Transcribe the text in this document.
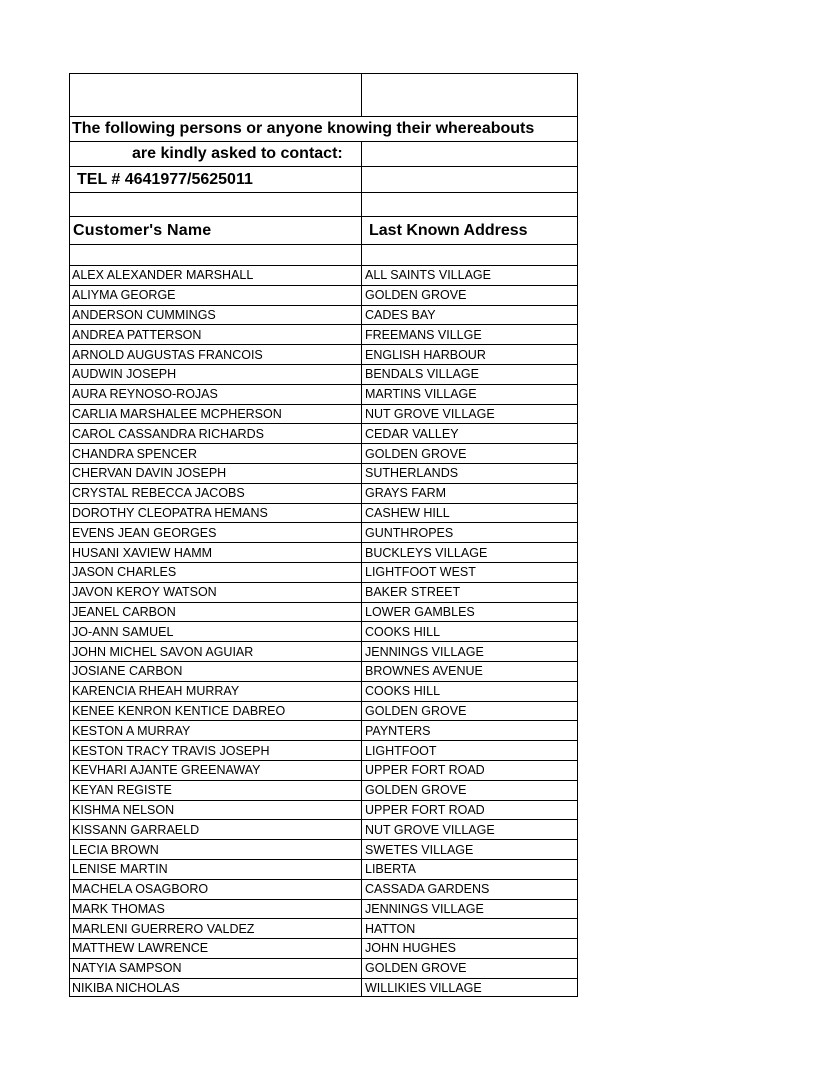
The following persons or anyone knowing their whereabouts
are kindly asked to contact:
TEL # 4641977/5625011
Customer's Name	Last Known Address
ALEX ALEXANDER MARSHALL	ALL SAINTS VILLAGE
ALIYMA GEORGE	GOLDEN GROVE
ANDERSON CUMMINGS	CADES BAY
ANDREA PATTERSON	FREEMANS VILLGE
ARNOLD AUGUSTAS FRANCOIS	ENGLISH HARBOUR
AUDWIN JOSEPH	BENDALS VILLAGE
AURA REYNOSO-ROJAS	MARTINS VILLAGE
CARLIA MARSHALEE MCPHERSON	NUT GROVE VILLAGE
CAROL CASSANDRA RICHARDS	CEDAR VALLEY
CHANDRA SPENCER	GOLDEN GROVE
CHERVAN DAVIN JOSEPH	SUTHERLANDS
CRYSTAL REBECCA JACOBS	GRAYS FARM
DOROTHY CLEOPATRA HEMANS	CASHEW HILL
EVENS JEAN GEORGES	GUNTHROPES
HUSANI XAVIEW HAMM	BUCKLEYS VILLAGE
JASON CHARLES	LIGHTFOOT WEST
JAVON KEROY WATSON	BAKER STREET
JEANEL CARBON	LOWER GAMBLES
JO-ANN SAMUEL	COOKS HILL
JOHN MICHEL SAVON AGUIAR	JENNINGS VILLAGE
JOSIANE CARBON	BROWNES AVENUE
KARENCIA RHEAH MURRAY	COOKS HILL
KENEE KENRON KENTICE DABREO	GOLDEN GROVE
KESTON A MURRAY	PAYNTERS
KESTON TRACY TRAVIS JOSEPH	LIGHTFOOT
KEVHARI AJANTE GREENAWAY	UPPER FORT ROAD
KEYAN REGISTE	GOLDEN GROVE
KISHMA NELSON	UPPER FORT ROAD
KISSANN GARRAELD	NUT GROVE VILLAGE
LECIA BROWN	SWETES VILLAGE
LENISE MARTIN	LIBERTA
MACHELA OSAGBORO	CASSADA GARDENS
MARK THOMAS	JENNINGS VILLAGE
MARLENI GUERRERO VALDEZ	HATTON
MATTHEW LAWRENCE	JOHN HUGHES
NATYIA SAMPSON	GOLDEN GROVE
NIKIBA NICHOLAS	WILLIKIES VILLAGE
